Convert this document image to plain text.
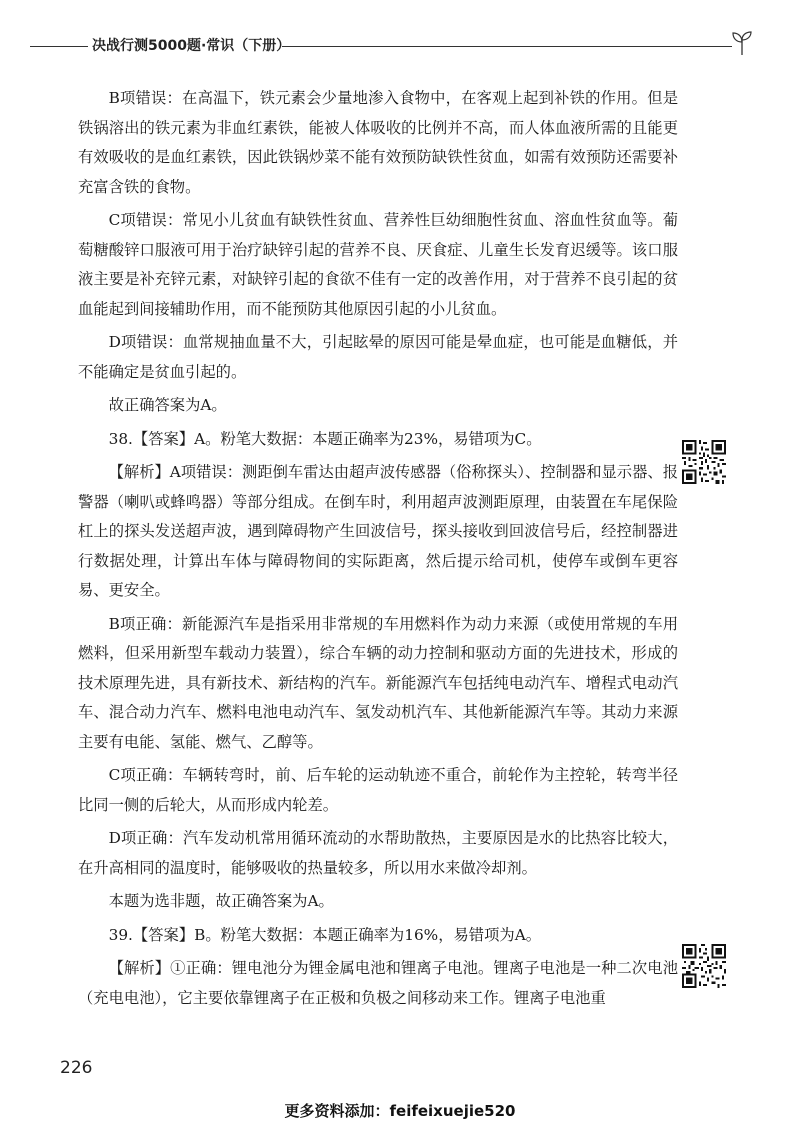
决战行测5000题·常识（下册）

B项错误：在高温下，铁元素会少量地渗入食物中，在客观上起到补铁的作用。但是铁锅溶出的铁元素为非血红素铁，能被人体吸收的比例并不高，而人体血液所需的且能更有效吸收的是血红素铁，因此铁锅炒菜不能有效预防缺铁性贫血，如需有效预防还需要补充富含铁的食物。

C项错误：常见小儿贫血有缺铁性贫血、营养性巨幼细胞性贫血、溶血性贫血等。葡萄糖酸锌口服液可用于治疗缺锌引起的营养不良、厌食症、儿童生长发育迟缓等。该口服液主要是补充锌元素，对缺锌引起的食欲不佳有一定的改善作用，对于营养不良引起的贫血能起到间接辅助作用，而不能预防其他原因引起的小儿贫血。

D项错误：血常规抽血量不大，引起眩晕的原因可能是晕血症，也可能是血糖低，并不能确定是贫血引起的。

故正确答案为A。

38.【答案】A。粉笔大数据：本题正确率为23%，易错项为C。

【解析】A项错误：测距倒车雷达由超声波传感器（俗称探头）、控制器和显示器、报警器（喇叭或蜂鸣器）等部分组成。在倒车时，利用超声波测距原理，由装置在车尾保险杠上的探头发送超声波，遇到障碍物产生回波信号，探头接收到回波信号后，经控制器进行数据处理，计算出车体与障碍物间的实际距离，然后提示给司机，使停车或倒车更容易、更安全。

B项正确：新能源汽车是指采用非常规的车用燃料作为动力来源（或使用常规的车用燃料，但采用新型车载动力装置），综合车辆的动力控制和驱动方面的先进技术，形成的技术原理先进，具有新技术、新结构的汽车。新能源汽车包括纯电动汽车、增程式电动汽车、混合动力汽车、燃料电池电动汽车、氢发动机汽车、其他新能源汽车等。其动力来源主要有电能、氢能、燃气、乙醇等。

C项正确：车辆转弯时，前、后车轮的运动轨迹不重合，前轮作为主控轮，转弯半径比同一侧的后轮大，从而形成内轮差。

D项正确：汽车发动机常用循环流动的水帮助散热，主要原因是水的比热容比较大，在升高相同的温度时，能够吸收的热量较多，所以用水来做冷却剂。

本题为选非题，故正确答案为A。

39.【答案】B。粉笔大数据：本题正确率为16%，易错项为A。

【解析】①正确：锂电池分为锂金属电池和锂离子电池。锂离子电池是一种二次电池（充电电池），它主要依靠锂离子在正极和负极之间移动来工作。锂离子电池重

226
更多资料添加：feifeixuejie520
